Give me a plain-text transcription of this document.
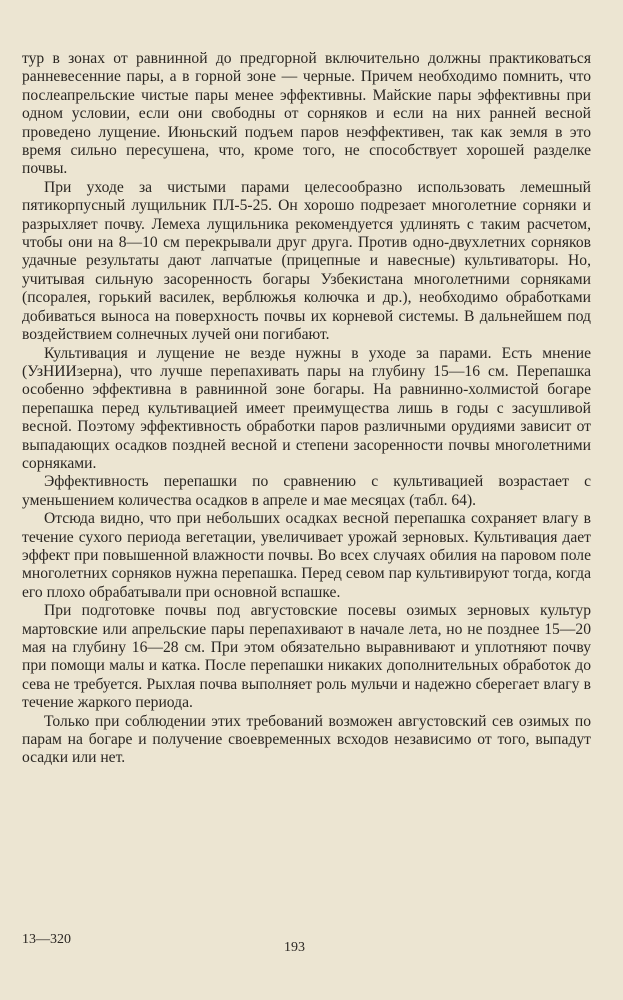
тур в зонах от равнинной до предгорной включительно должны практиковаться ранневесенние пары, а в горной зоне — черные. Причем необходимо помнить, что послеапрельские чистые пары менее эффективны. Майские пары эффективны при одном условии, если они свободны от сорняков и если на них ранней весной проведено лущение. Июньский подъем паров неэффективен, так как земля в это время сильно пересушена, что, кроме того, не способствует хорошей разделке почвы.

При уходе за чистыми парами целесообразно использовать лемешный пятикорпусный лущильник ПЛ-5-25. Он хорошо подрезает многолетние сорняки и разрыхляет почву. Лемеха лущильника рекомендуется удлинять с таким расчетом, чтобы они на 8—10 см перекрывали друг друга. Против одно-двухлетних сорняков удачные результаты дают лапчатые (прицепные и навесные) культиваторы. Но, учитывая сильную засоренность богары Узбекистана многолетними сорняками (псоралея, горький василек, верблюжья колючка и др.), необходимо обработками добиваться выноса на поверхность почвы их корневой системы. В дальнейшем под воздействием солнечных лучей они погибают.

Культивация и лущение не везде нужны в уходе за парами. Есть мнение (УзНИИзерна), что лучше перепахивать пары на глубину 15—16 см. Перепашка особенно эффективна в равнинной зоне богары. На равнинно-холмистой богаре перепашка перед культивацией имеет преимущества лишь в годы с засушливой весной. Поэтому эффективность обработки паров различными орудиями зависит от выпадающих осадков поздней весной и степени засоренности почвы многолетними сорняками.

Эффективность перепашки по сравнению с культивацией возрастает с уменьшением количества осадков в апреле и мае месяцах (табл. 64).

Отсюда видно, что при небольших осадках весной перепашка сохраняет влагу в течение сухого периода вегетации, увеличивает урожай зерновых. Культивация дает эффект при повышенной влажности почвы. Во всех случаях обилия на паровом поле многолетних сорняков нужна перепашка. Перед севом пар культивируют тогда, когда его плохо обрабатывали при основной вспашке.

При подготовке почвы под августовские посевы озимых зерновых культур мартовские или апрельские пары перепахивают в начале лета, но не позднее 15—20 мая на глубину 16—28 см. При этом обязательно выравнивают и уплотняют почву при помощи малы и катка. После перепашки никаких дополнительных обработок до сева не требуется. Рыхлая почва выполняет роль мульчи и надежно сберегает влагу в течение жаркого периода.

Только при соблюдении этих требований возможен августовский сев озимых по парам на богаре и получение своевременных всходов независимо от того, выпадут осадки или нет.

13—320
193
